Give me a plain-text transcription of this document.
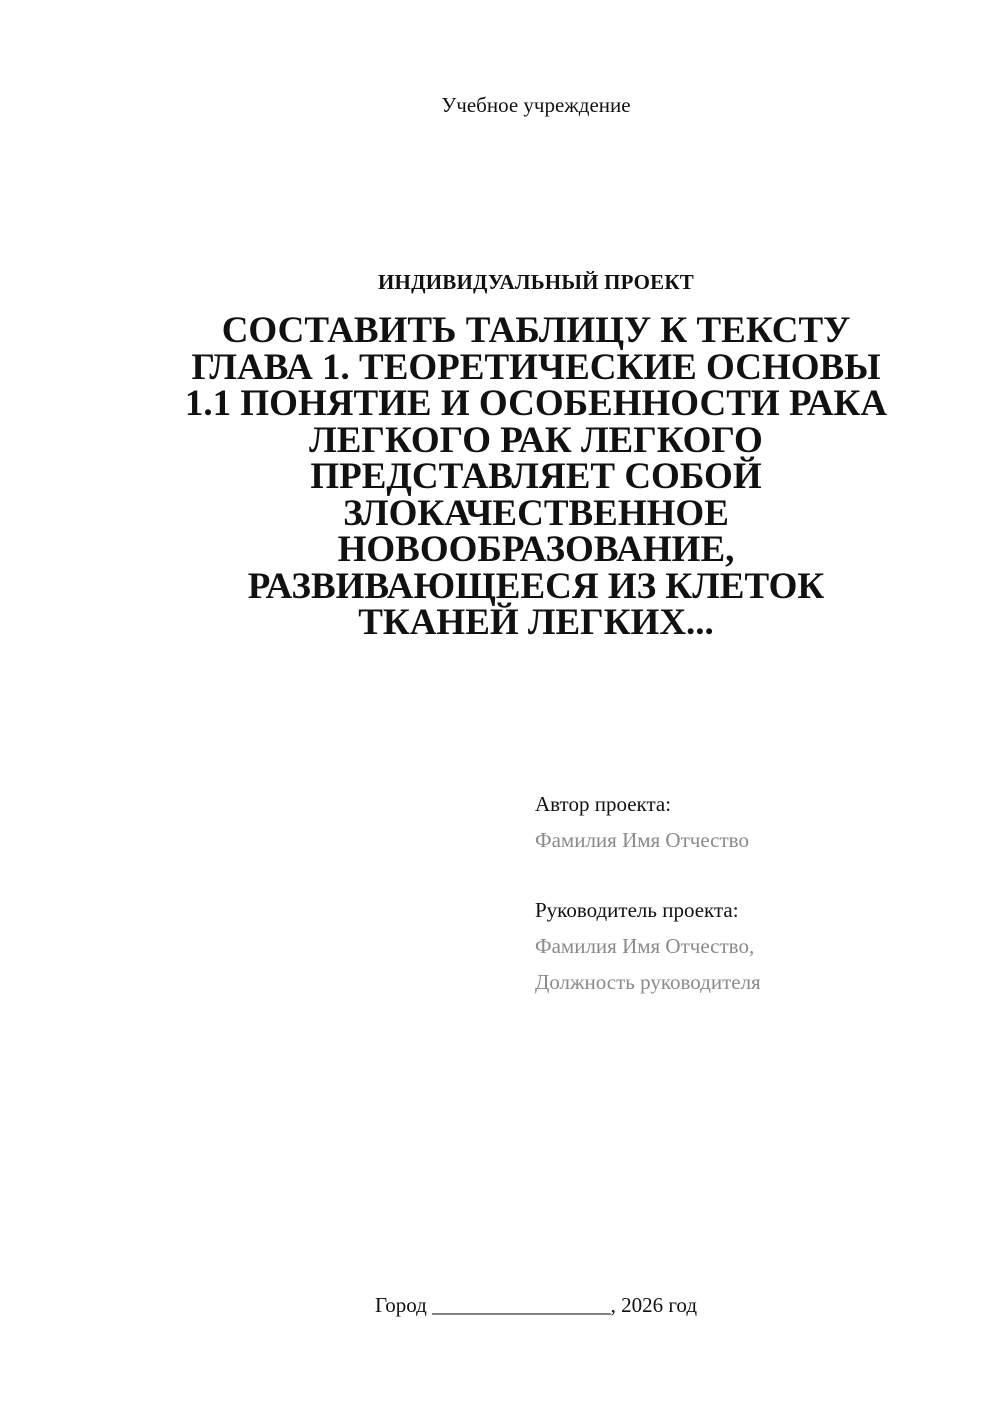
Учебное учреждение
ИНДИВИДУАЛЬНЫЙ ПРОЕКТ
СОСТАВИТЬ ТАБЛИЦУ К ТЕКСТУ
ГЛАВА 1. ТЕОРЕТИЧЕСКИЕ ОСНОВЫ
1.1 ПОНЯТИЕ И ОСОБЕННОСТИ РАКА
ЛЕГКОГО РАК ЛЕГКОГО
ПРЕДСТАВЛЯЕТ СОБОЙ
ЗЛОКАЧЕСТВЕННОЕ
НОВООБРАЗОВАНИЕ,
РАЗВИВАЮЩЕЕСЯ ИЗ КЛЕТОК
ТКАНЕЙ ЛЕГКИХ...

Автор проекта:

Фамилия Имя Отчество

Руководитель проекта:

Фамилия Имя Отчество,

Должность руководителя

Город _________________, 2026 год
